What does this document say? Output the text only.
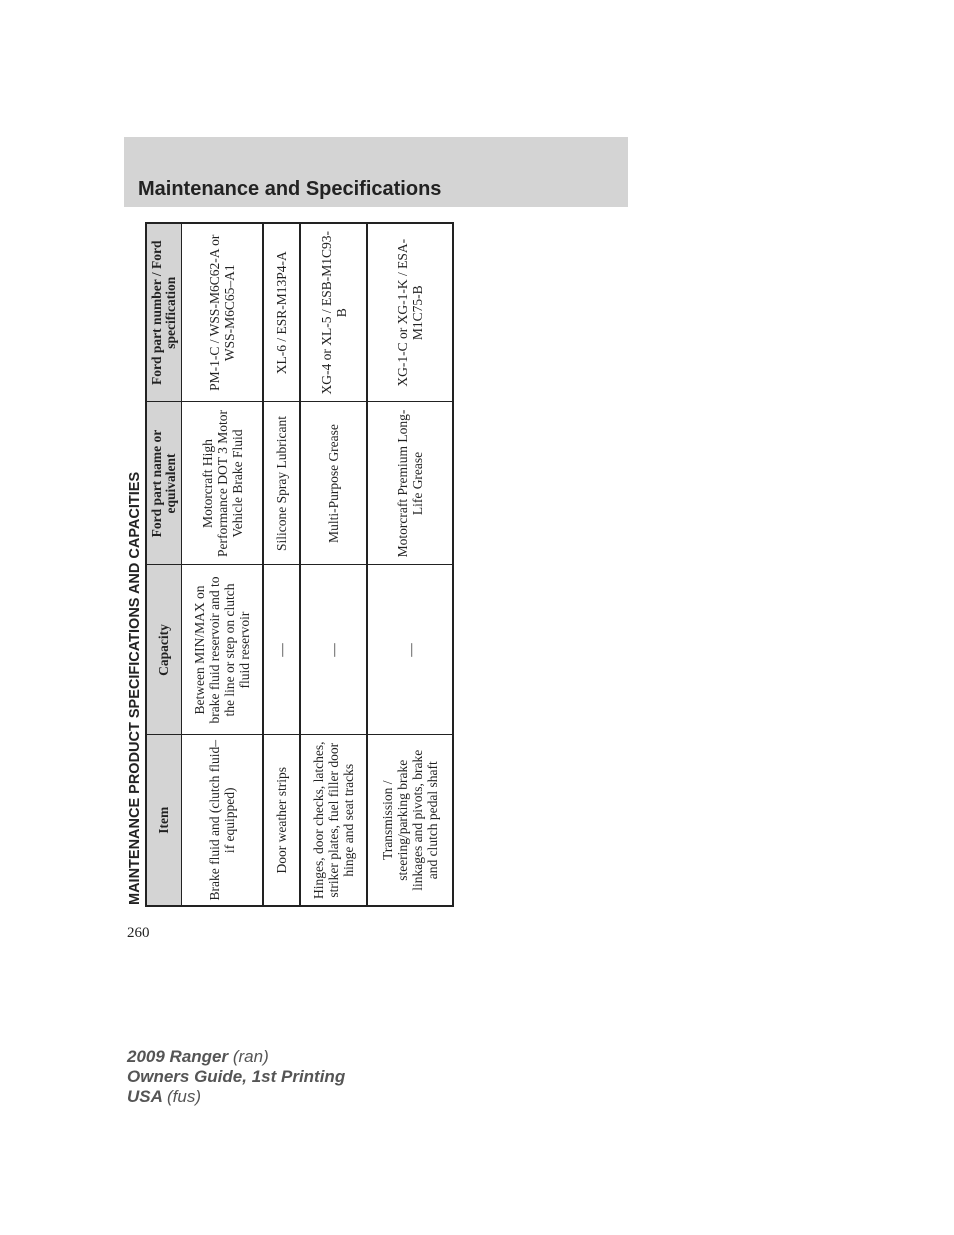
Maintenance and Specifications
MAINTENANCE PRODUCT SPECIFICATIONS AND CAPACITIES Item	Capacity	Ford part name or equivalent	Ford part number / Ford specification
Brake fluid and (clutch fluid–if equipped)	Between MIN/MAX on brake fluid reservoir and to the line or step on clutch fluid reservoir	Motorcraft High Performance DOT 3 Motor Vehicle Brake Fluid	PM-1-C / WSS-M6C62-A or WSS-M6C65–A1
Door weather strips	—	Silicone Spray Lubricant	XL-6 / ESR-M13P4-A
Hinges, door checks, latches, striker plates, fuel filler door hinge and seat tracks	—	Multi-Purpose Grease	XG-4 or XL-5 / ESB-M1C93-B
Transmission / steering/parking brake linkages and pivots, brake and clutch pedal shaft	—	Motorcraft Premium Long-Life Grease	XG-1-C or XG-1-K / ESA-M1C75-B

260

2009 Ranger (ran)
Owners Guide, 1st Printing
USA (fus)
